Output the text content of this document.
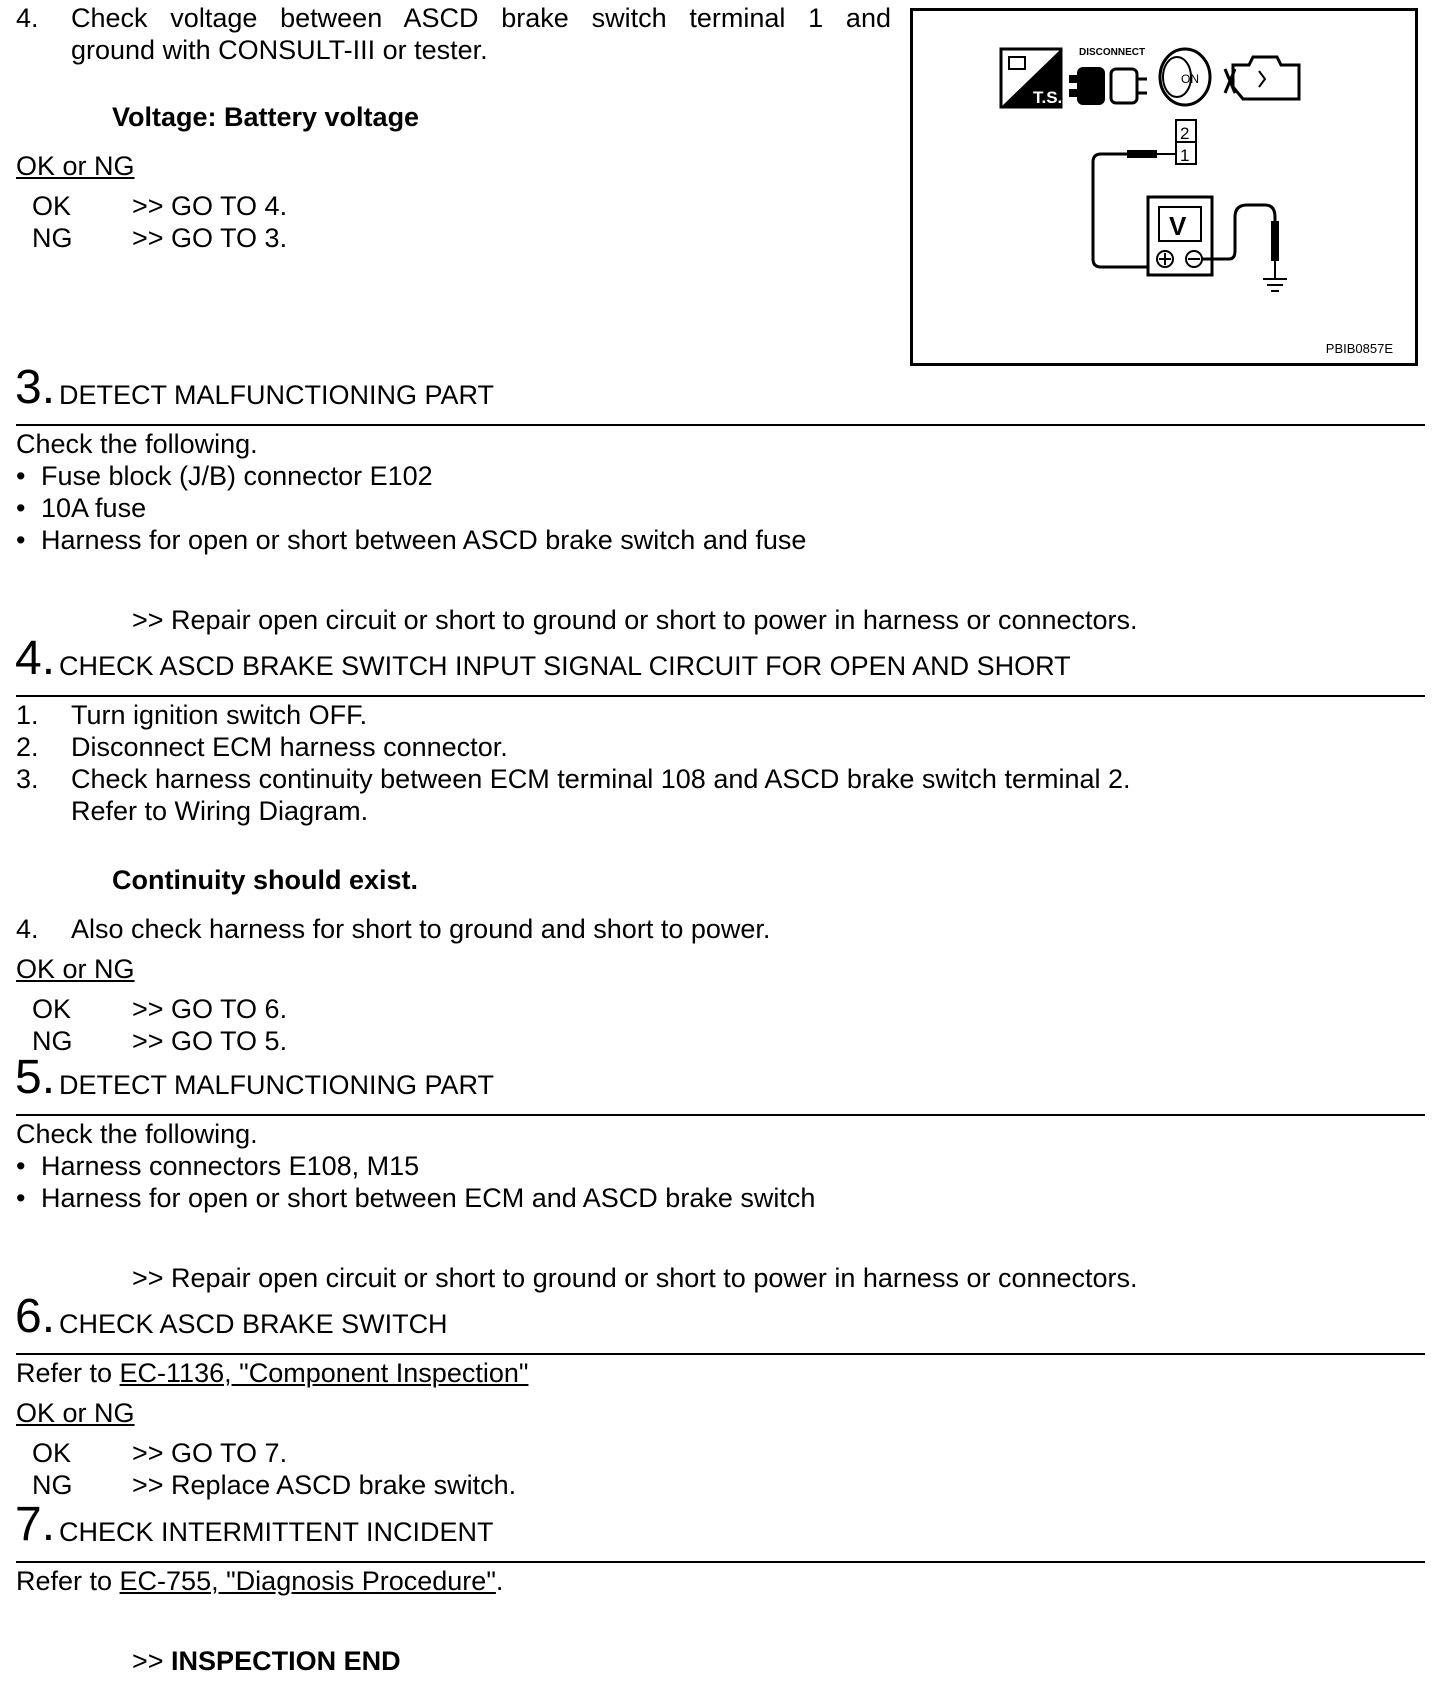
4. Check voltage between ASCD brake switch terminal 1 and

ground with CONSULT-III or tester.

Voltage: Battery voltage

OK or NG

OK >> GO TO 4.

NG >> GO TO 3.

T.S.
DISCONNECT
ON
2
1
V
PBIB0857E
3. DETECT MALFUNCTIONING PART

Check the following.

• Fuse block (J/B) connector E102

• 10A fuse

• Harness for open or short between ASCD brake switch and fuse

>> Repair open circuit or short to ground or short to power in harness or connectors.

4. CHECK ASCD BRAKE SWITCH INPUT SIGNAL CIRCUIT FOR OPEN AND SHORT

1. Turn ignition switch OFF.

2. Disconnect ECM harness connector.

3. Check harness continuity between ECM terminal 108 and ASCD brake switch terminal 2.

Refer to Wiring Diagram.

Continuity should exist.

4. Also check harness for short to ground and short to power.

OK or NG

OK >> GO TO 6.

NG >> GO TO 5.

5. DETECT MALFUNCTIONING PART

Check the following.

• Harness connectors E108, M15

• Harness for open or short between ECM and ASCD brake switch

>> Repair open circuit or short to ground or short to power in harness or connectors.

6. CHECK ASCD BRAKE SWITCH

Refer to EC-1136, "Component Inspection"

OK or NG

OK >> GO TO 7.

NG >> Replace ASCD brake switch.

7. CHECK INTERMITTENT INCIDENT

Refer to EC-755, "Diagnosis Procedure".

>> INSPECTION END
